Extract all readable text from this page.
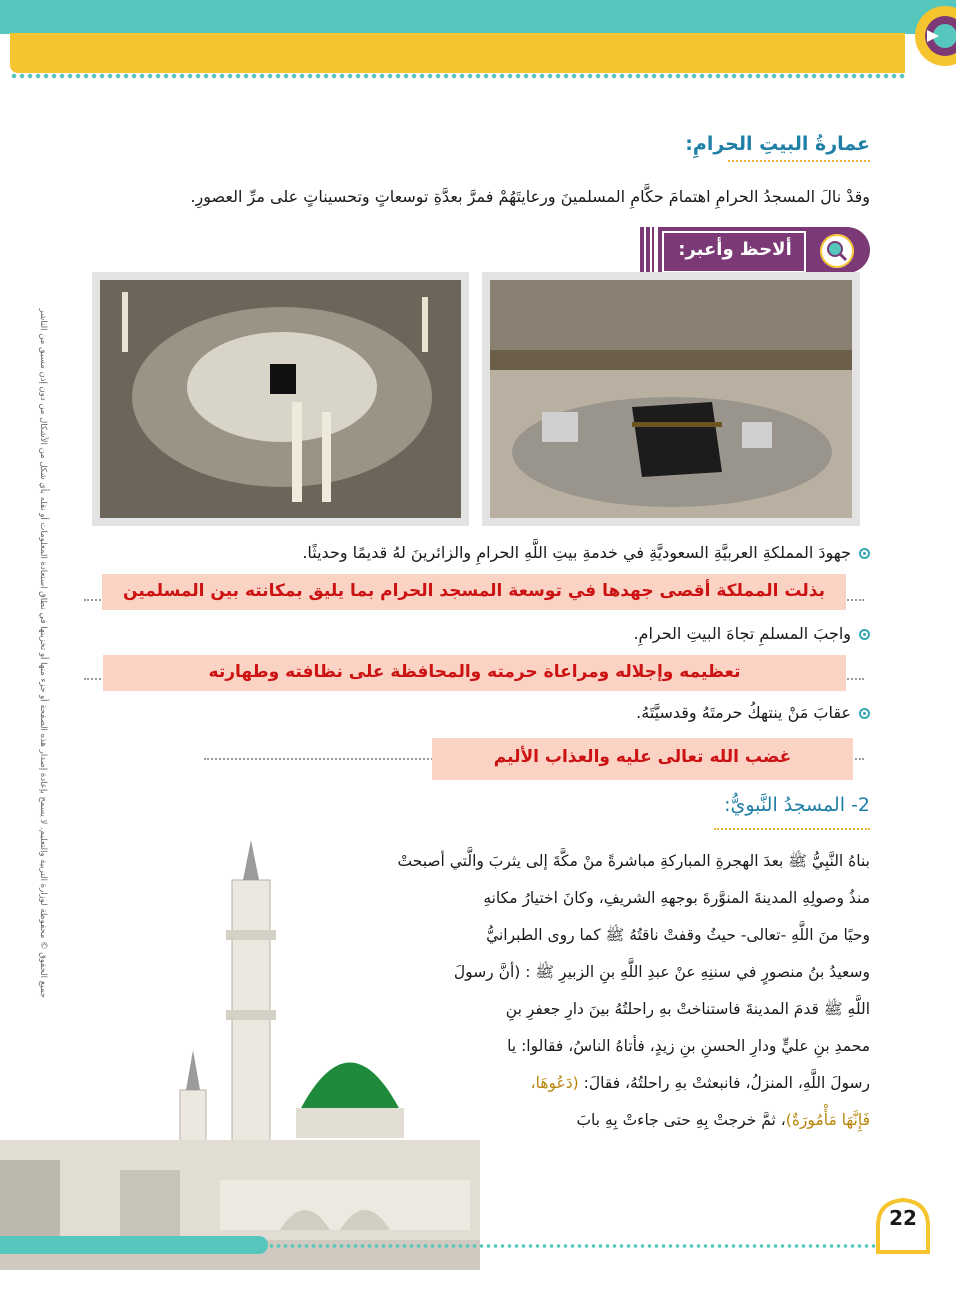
عمارةُ البيتِ الحرامِ:
وقدْ نالَ المسجدُ الحرامِ اهتمامَ حكَّامِ المسلمينَ ورعايتَهُمْ فمرَّ بعدَّةِ توسعاتٍ وتحسيناتٍ على مرِّ العصورِ.
ألاحظ وأعبر:
جهودَ المملكةِ العربيَّةِ السعوديَّةِ في خدمةِ بيتِ اللَّهِ الحرامِ والزائرينَ لهُ قديمًا وحديثًا.
بذلت المملكة أقصى جهدها في توسعة المسجد الحرام بما يليق بمكانته بين المسلمين
واجبَ المسلمِ تجاهَ البيتِ الحرامِ.
تعظيمه وإجلاله ومراعاة حرمته والمحافظة على نظافته وطهارته
عقابَ مَنْ ينتهكُ حرمتَهُ وقدسيَّتَهُ.
غضب الله تعالى عليه والعذاب الأليم
2- المسجدُ النَّبويُّ:
بناهُ النَّبِيُّ ﷺ بعدَ الهجرةِ المباركةِ مباشرةً منْ مكَّةَ إلى يثربَ والَّتي أصبحتْ
منذُ وصولِهِ المدينةَ المنوَّرةَ بوجههِ الشريفِ، وكانَ اختيارُ مكانهِ
وحيًا منَ اللَّهِ -تعالى- حيثُ وقفتْ ناقتُهُ ﷺ كما روى الطبرانيُّ
وسعيدُ بنُ منصورٍ في سننِهِ عنْ عبدِ اللَّهِ بنِ الزبيرِ ﷺ : (أنَّ رسولَ
اللَّهِ ﷺ قدمَ المدينةَ فاستناختْ بهِ راحلتُهُ بينَ دارِ جعفرِ بنِ
محمدِ بنِ عليٍّ ودارِ الحسنِ بنِ زيدٍ، فأتاهُ الناسُ، فقالوا: يا
رسولَ اللَّهِ، المنزلُ، فانبعثتْ بهِ راحلتُهُ، فقالَ: (دَعُوهَا،
فَإِنَّهَا مَأْمُورَةٌ)، ثمَّ خرجتْ بِهِ حتى جاءتْ بِهِ بابَ
22
جميع الحقوق © محفوظة لوزارة التربية والتعليم. لا يسمح بإعادة إصدار هذه الصفحة أو جزء منها أو تخزينها في نطاق استعادة المعلومات أو نقله بأي شكل من الأشكال من دون إذن مسبق من الناشر
